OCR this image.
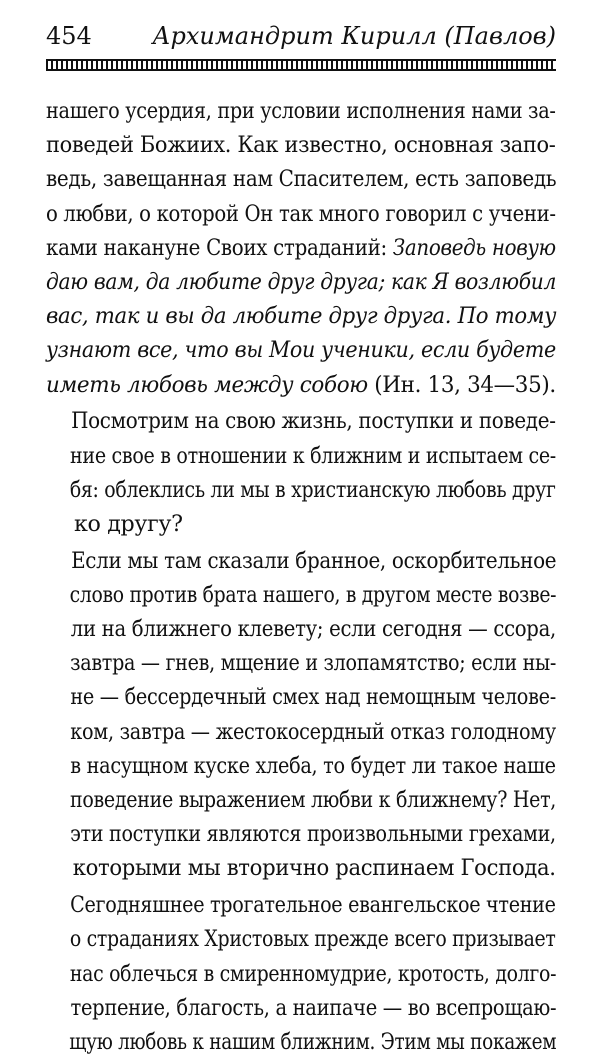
454	Архимандрит Кирилл (Павлов)

нашего усердия, при условии исполнения нами за-
поведей Божиих. Как известно, основная запо-
ведь, завещанная нам Спасителем, есть заповедь
о любви, о которой Он так много говорил с учени-
ками накануне Своих страданий: Заповедь новую
даю вам, да любите друг друга; как Я возлюбил
вас, так и вы да любите друг друга. По тому
узнают все, что вы Мои ученики, если будете
иметь любовь между собою (Ин. 13, 34—35).

Посмотрим на свою жизнь, поступки и поведе-
ние свое в отношении к ближним и испытаем се-
бя: облеклись ли мы в христианскую любовь друг
ко другу?

Если мы там сказали бранное, оскорбительное
слово против брата нашего, в другом месте возве-
ли на ближнего клевету; если сегодня — ссора,
завтра — гнев, мщение и злопамятство; если ны-
не — бессердечный смех над немощным челове-
ком, завтра — жестокосердный отказ голодному
в насущном куске хлеба, то будет ли такое наше
поведение выражением любви к ближнему? Нет,
эти поступки являются произвольными грехами,
которыми мы вторично распинаем Господа.

Сегодняшнее трогательное евангельское чтение
о страданиях Христовых прежде всего призывает
нас облечься в смиренномудрие, кротость, долго-
терпение, благость, а наипаче — во всепрощаю-
щую любовь к нашим ближним. Этим мы покажем
